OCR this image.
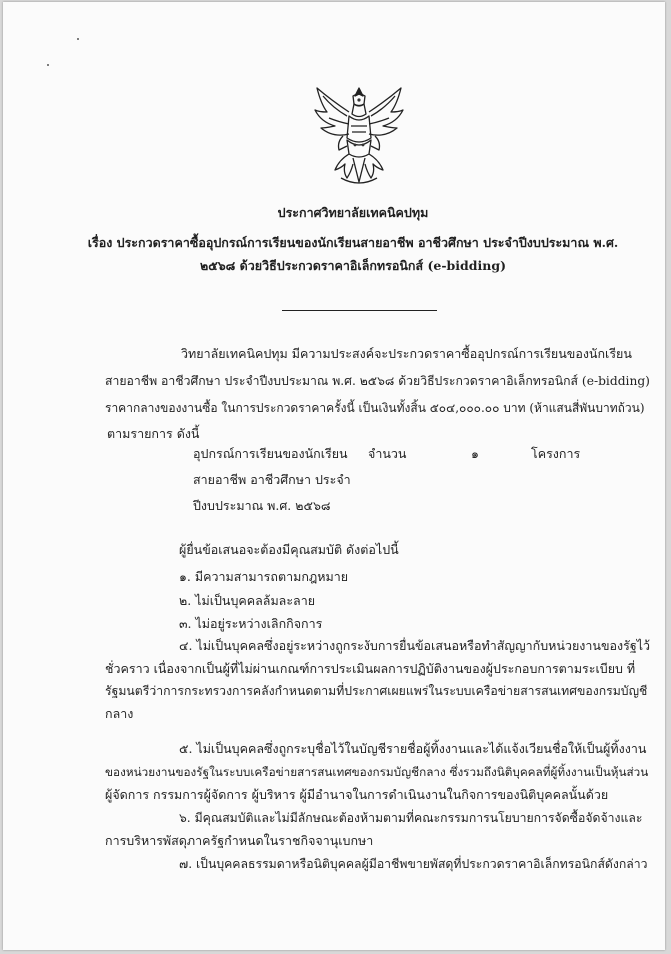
ประกาศวิทยาลัยเทคนิคปทุม
เรื่อง ประกวดราคาซื้ออุปกรณ์การเรียนของนักเรียนสายอาชีพ อาชีวศึกษา ประจำปีงบประมาณ พ.ศ.
๒๕๖๘ ด้วยวิธีประกวดราคาอิเล็กทรอนิกส์ (e-bidding)
วิทยาลัยเทคนิคปทุม มีความประสงค์จะประกวดราคาซื้ออุปกรณ์การเรียนของนักเรียน
สายอาชีพ อาชีวศึกษา ประจำปีงบประมาณ พ.ศ. ๒๕๖๘ ด้วยวิธีประกวดราคาอิเล็กทรอนิกส์ (e-bidding)
ราคากลางของงานซื้อ ในการประกวดราคาครั้งนี้ เป็นเงินทั้งสิ้น ๕๐๔,๐๐๐.๐๐ บาท (ห้าแสนสี่พันบาทถ้วน)
ตามรายการ ดังนี้
อุปกรณ์การเรียนของนักเรียน
สายอาชีพ อาชีวศึกษา ประจำ
ปีงบประมาณ พ.ศ. ๒๕๖๘
จำนวน	๑	โครงการ
ผู้ยื่นข้อเสนอจะต้องมีคุณสมบัติ ดังต่อไปนี้
๑. มีความสามารถตามกฎหมาย
๒. ไม่เป็นบุคคลล้มละลาย
๓. ไม่อยู่ระหว่างเลิกกิจการ
๔. ไม่เป็นบุคคลซึ่งอยู่ระหว่างถูกระงับการยื่นข้อเสนอหรือทำสัญญากับหน่วยงานของรัฐไว้
ชั่วคราว เนื่องจากเป็นผู้ที่ไม่ผ่านเกณฑ์การประเมินผลการปฏิบัติงานของผู้ประกอบการตามระเบียบ ที่
รัฐมนตรีว่าการกระทรวงการคลังกำหนดตามที่ประกาศเผยแพร่ในระบบเครือข่ายสารสนเทศของกรมบัญชี
กลาง
๕. ไม่เป็นบุคคลซึ่งถูกระบุชื่อไว้ในบัญชีรายชื่อผู้ทิ้งงานและได้แจ้งเวียนชื่อให้เป็นผู้ทิ้งงาน
ของหน่วยงานของรัฐในระบบเครือข่ายสารสนเทศของกรมบัญชีกลาง ซึ่งรวมถึงนิติบุคคลที่ผู้ทิ้งงานเป็นหุ้นส่วน
ผู้จัดการ กรรมการผู้จัดการ ผู้บริหาร ผู้มีอำนาจในการดำเนินงานในกิจการของนิติบุคคลนั้นด้วย
๖. มีคุณสมบัติและไม่มีลักษณะต้องห้ามตามที่คณะกรรมการนโยบายการจัดซื้อจัดจ้างและ
การบริหารพัสดุภาครัฐกำหนดในราชกิจจานุเบกษา
๗. เป็นบุคคลธรรมดาหรือนิติบุคคลผู้มีอาชีพขายพัสดุที่ประกวดราคาอิเล็กทรอนิกส์ดังกล่าว
